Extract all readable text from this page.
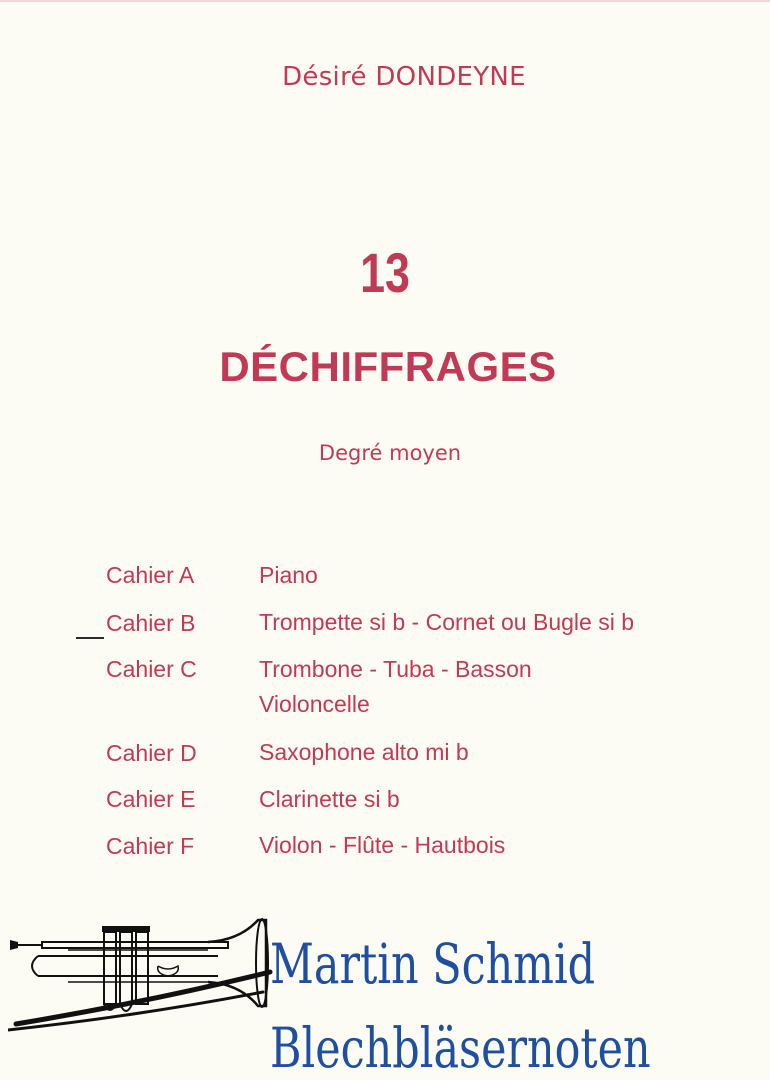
Désiré DONDEYNE
13
DÉCHIFFRAGES
Degré moyen
Cahier A	Piano
Cahier B	Trompette si b - Cornet ou Bugle si b
Cahier C	Trombone - Tuba - Basson
Violoncelle
Cahier D	Saxophone alto mi b
Cahier E	Clarinette si b
Cahier F	Violon - Flûte - Hautbois
Martin Schmid
Blechbläsernoten
